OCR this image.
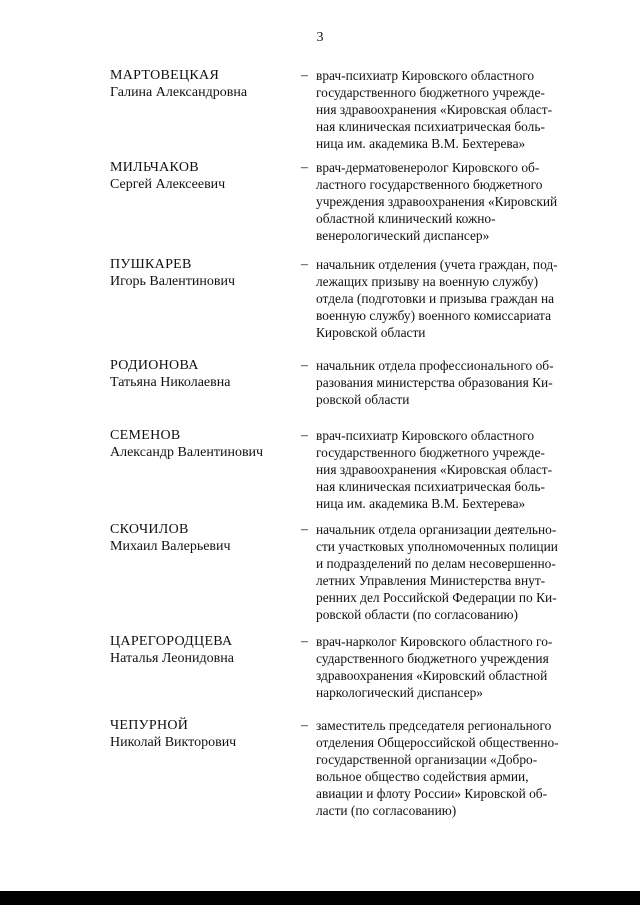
3
МАРТОВЕЦКАЯ
Галина Александровна
– врач-психиатр Кировского областного
государственного бюджетного учрежде-
ния здравоохранения «Кировская област-
ная клиническая психиатрическая боль-
ница им. академика В.М. Бехтерева»
МИЛЬЧАКОВ
Сергей Алексеевич
– врач-дерматовенеролог Кировского об-
ластного государственного бюджетного
учреждения здравоохранения «Кировский
областной клинический кожно-
венерологический диспансер»
ПУШКАРЕВ
Игорь Валентинович
– начальник отделения (учета граждан, под-
лежащих призыву на военную службу)
отдела (подготовки и призыва граждан на
военную службу) военного комиссариата
Кировской области
РОДИОНОВА
Татьяна Николаевна
– начальник отдела профессионального об-
разования министерства образования Ки-
ровской области
СЕМЕНОВ
Александр Валентинович
– врач-психиатр Кировского областного
государственного бюджетного учрежде-
ния здравоохранения «Кировская област-
ная клиническая психиатрическая боль-
ница им. академика В.М. Бехтерева»
СКОЧИЛОВ
Михаил Валерьевич
– начальник отдела организации деятельно-
сти участковых уполномоченных полиции
и подразделений по делам несовершенно-
летних Управления Министерства внут-
ренних дел Российской Федерации по Ки-
ровской области (по согласованию)
ЦАРЕГОРОДЦЕВА
Наталья Леонидовна
– врач-нарколог Кировского областного го-
сударственного бюджетного учреждения
здравоохранения «Кировский областной
наркологический диспансер»
ЧЕПУРНОЙ
Николай Викторович
– заместитель председателя регионального
отделения Общероссийской общественно-
государственной организации «Добро-
вольное общество содействия армии,
авиации и флоту России» Кировской об-
ласти (по согласованию)
